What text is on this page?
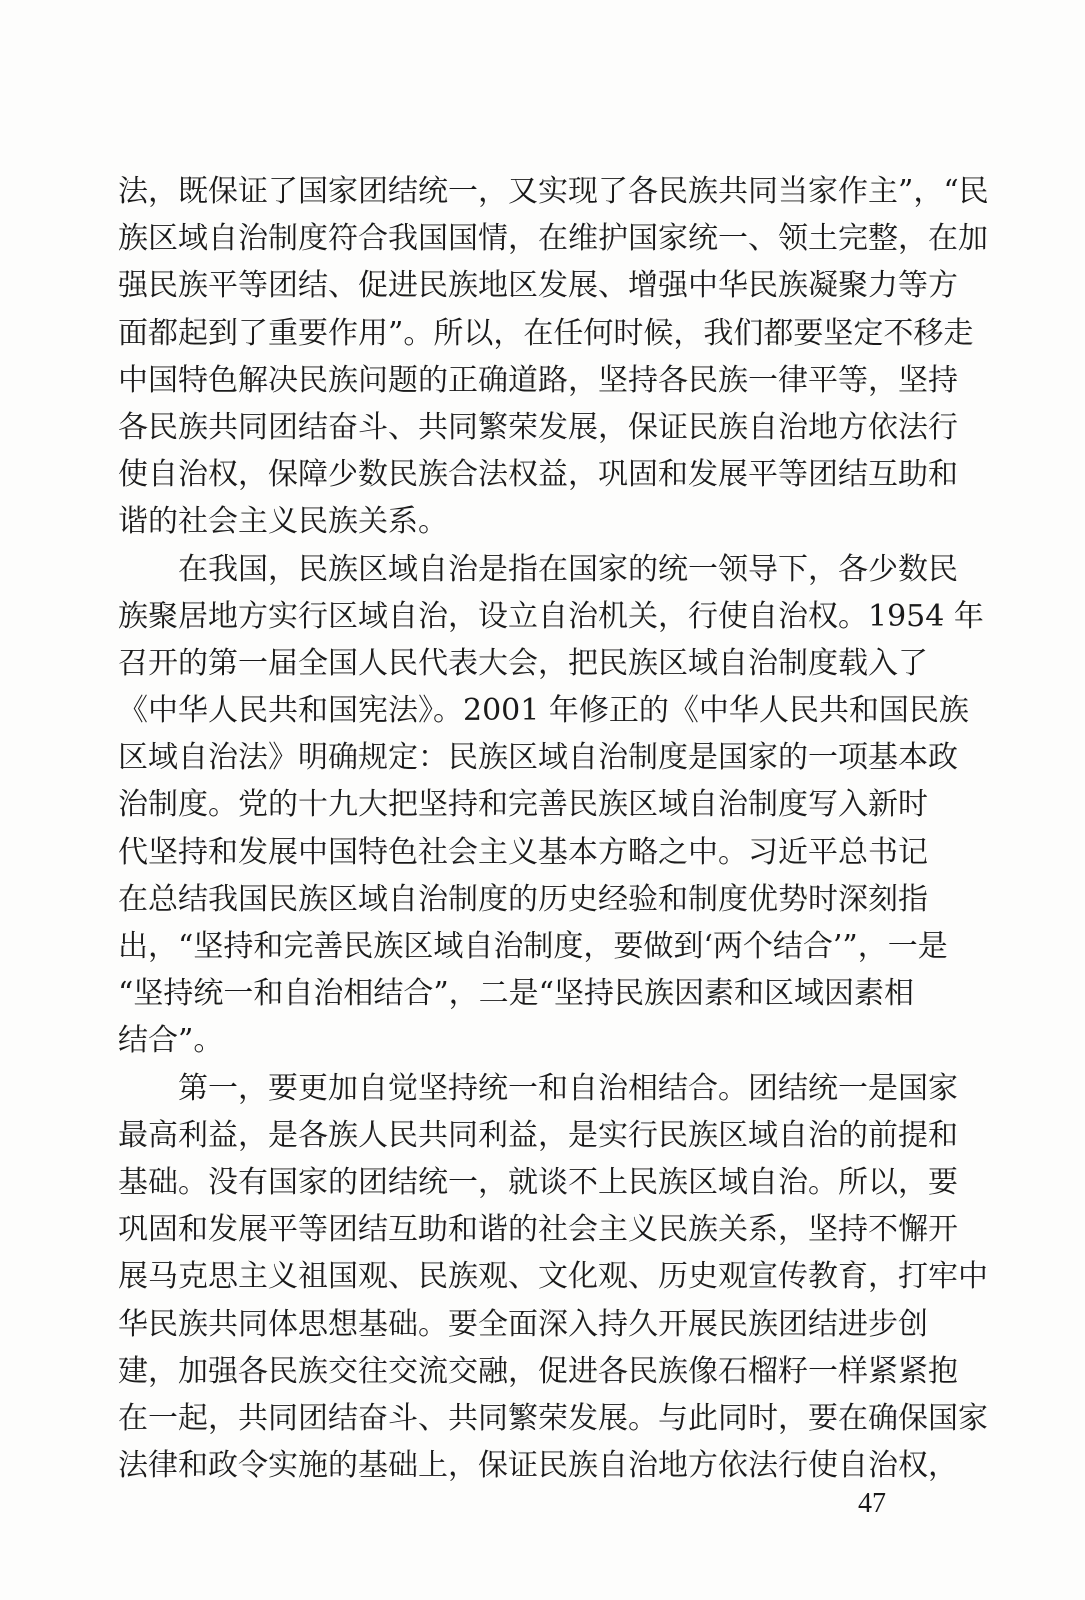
法，既保证了国家团结统一，又实现了各民族共同当家作主”，“民
族区域自治制度符合我国国情，在维护国家统一、领土完整，在加
强民族平等团结、促进民族地区发展、增强中华民族凝聚力等方
面都起到了重要作用”。所以，在任何时候，我们都要坚定不移走
中国特色解决民族问题的正确道路，坚持各民族一律平等，坚持
各民族共同团结奋斗、共同繁荣发展，保证民族自治地方依法行
使自治权，保障少数民族合法权益，巩固和发展平等团结互助和
谐的社会主义民族关系。
　　在我国，民族区域自治是指在国家的统一领导下，各少数民
族聚居地方实行区域自治，设立自治机关，行使自治权。1954 年
召开的第一届全国人民代表大会，把民族区域自治制度载入了
《中华人民共和国宪法》。2001 年修正的《中华人民共和国民族
区域自治法》明确规定：民族区域自治制度是国家的一项基本政
治制度。党的十九大把坚持和完善民族区域自治制度写入新时
代坚持和发展中国特色社会主义基本方略之中。习近平总书记
在总结我国民族区域自治制度的历史经验和制度优势时深刻指
出，“坚持和完善民族区域自治制度，要做到‘两个结合’”，一是
“坚持统一和自治相结合”，二是“坚持民族因素和区域因素相
结合”。
　　第一，要更加自觉坚持统一和自治相结合。团结统一是国家
最高利益，是各族人民共同利益，是实行民族区域自治的前提和
基础。没有国家的团结统一，就谈不上民族区域自治。所以，要
巩固和发展平等团结互助和谐的社会主义民族关系，坚持不懈开
展马克思主义祖国观、民族观、文化观、历史观宣传教育，打牢中
华民族共同体思想基础。要全面深入持久开展民族团结进步创
建，加强各民族交往交流交融，促进各民族像石榴籽一样紧紧抱
在一起，共同团结奋斗、共同繁荣发展。与此同时，要在确保国家
法律和政令实施的基础上，保证民族自治地方依法行使自治权，
47
